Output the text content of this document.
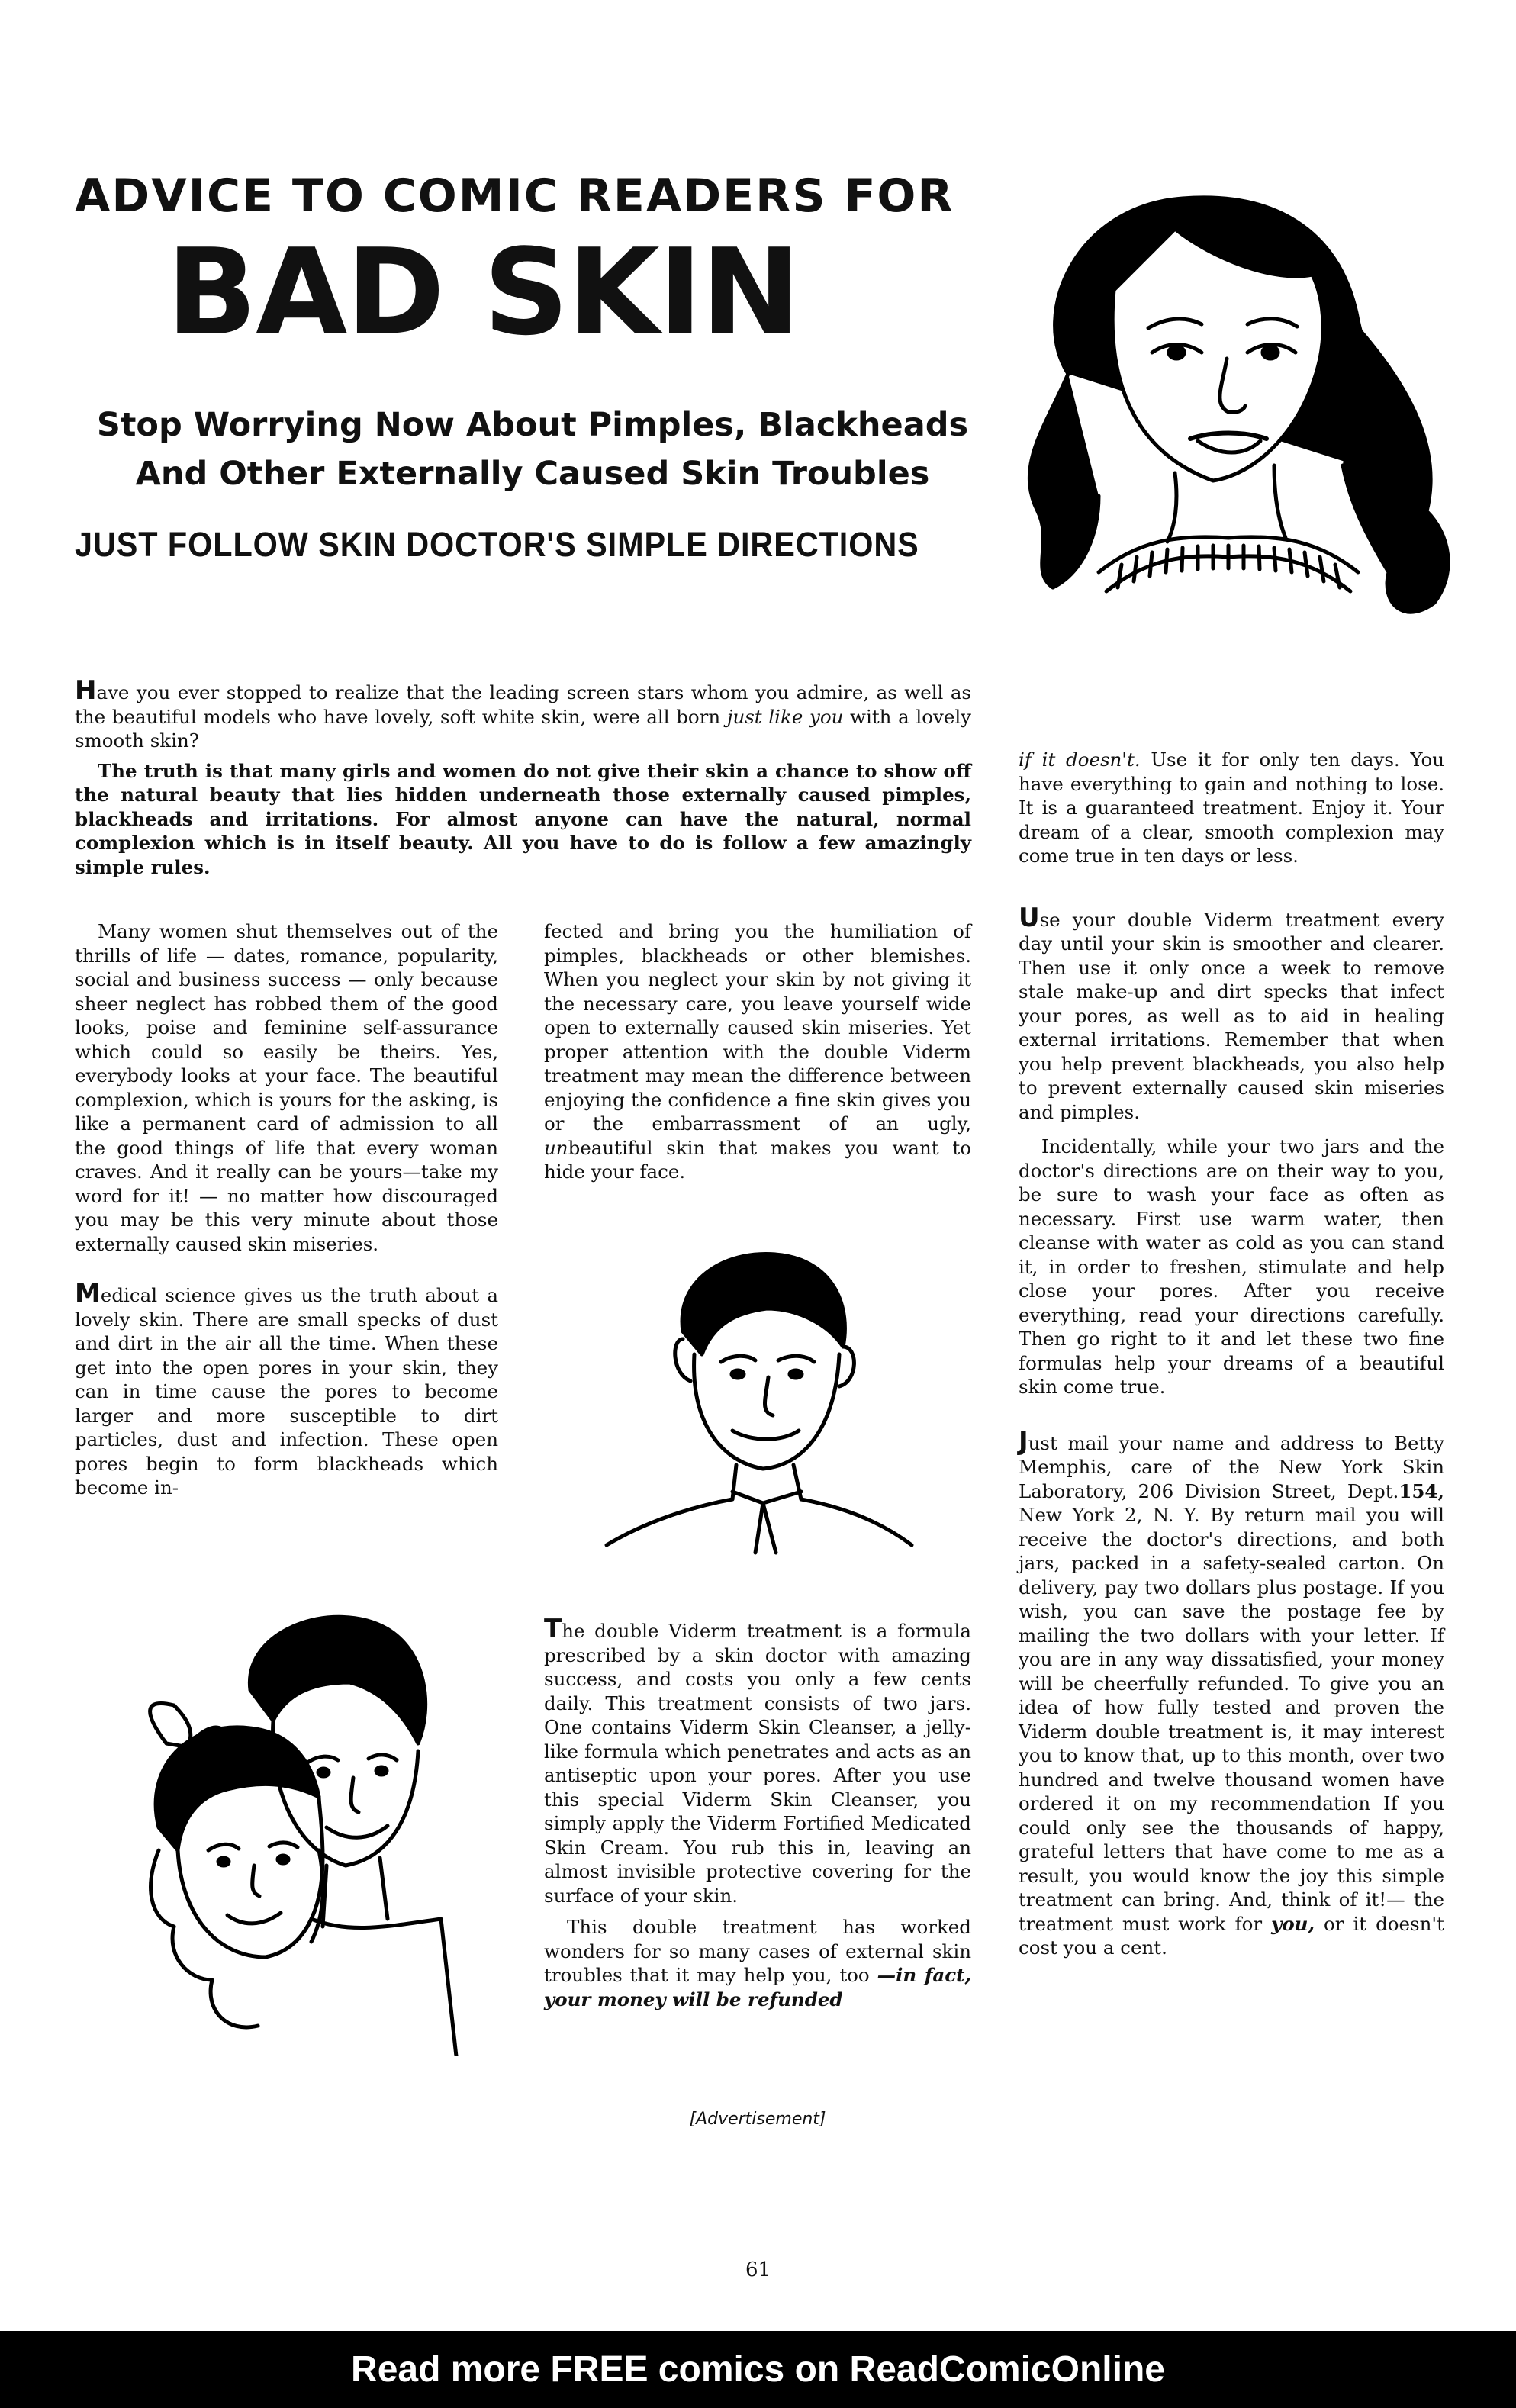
ADVICE TO COMIC READERS FOR
BAD SKIN
Stop Worrying Now About Pimples, Blackheads
And Other Externally Caused Skin Troubles
JUST FOLLOW SKIN DOCTOR'S SIMPLE DIRECTIONS

Have you ever stopped to realize that the leading screen stars whom you admire, as well as the beautiful models who have lovely, soft white skin, were all born just like you with a lovely smooth skin?

The truth is that many girls and women do not give their skin a chance to show off the natural beauty that lies hidden underneath those externally caused pimples, blackheads and irritations. For almost anyone can have the natural, normal complexion which is in itself beauty. All you have to do is follow a few amazingly simple rules.

Many women shut themselves out of the thrills of life — dates, romance, popularity, social and business success — only because sheer neglect has robbed them of the good looks, poise and feminine self-assurance which could so easily be theirs. Yes, everybody looks at your face. The beautiful complexion, which is yours for the asking, is like a permanent card of admission to all the good things of life that every woman craves. And it really can be yours—take my word for it! — no matter how discouraged you may be this very minute about those externally caused skin miseries.

Medical science gives us the truth about a lovely skin. There are small specks of dust and dirt in the air all the time. When these get into the open pores in your skin, they can in time cause the pores to become larger and more susceptible to dirt particles, dust and infection. These open pores begin to form blackheads which become in-

fected and bring you the humiliation of pimples, blackheads or other blemishes. When you neglect your skin by not giving it the necessary care, you leave yourself wide open to externally caused skin miseries. Yet proper attention with the double Viderm treatment may mean the difference between enjoying the confidence a fine skin gives you or the embarrassment of an ugly, unbeautiful skin that makes you want to hide your face.

The double Viderm treatment is a formula prescribed by a skin doctor with amazing success, and costs you only a few cents daily. This treatment consists of two jars. One contains Viderm Skin Cleanser, a jelly-like formula which penetrates and acts as an antiseptic upon your pores. After you use this special Viderm Skin Cleanser, you simply apply the Viderm Fortified Medicated Skin Cream. You rub this in, leaving an almost invisible protective covering for the surface of your skin.

This double treatment has worked wonders for so many cases of external skin troubles that it may help you, too —in fact, your money will be refunded

[Advertisement]

if it doesn't. Use it for only ten days. You have everything to gain and nothing to lose. It is a guaranteed treatment. Enjoy it. Your dream of a clear, smooth complexion may come true in ten days or less.

Use your double Viderm treatment every day until your skin is smoother and clearer. Then use it only once a week to remove stale make-up and dirt specks that infect your pores, as well as to aid in healing external irritations. Remember that when you help prevent blackheads, you also help to prevent externally caused skin miseries and pimples.

Incidentally, while your two jars and the doctor's directions are on their way to you, be sure to wash your face as often as necessary. First use warm water, then cleanse with water as cold as you can stand it, in order to freshen, stimulate and help close your pores. After you receive everything, read your directions carefully. Then go right to it and let these two fine formulas help your dreams of a beautiful skin come true.

Just mail your name and address to Betty Memphis, care of the New York Skin Laboratory, 206 Division Street, Dept.154, New York 2, N. Y. By return mail you will receive the doctor's directions, and both jars, packed in a safety-sealed carton. On delivery, pay two dollars plus postage. If you wish, you can save the postage fee by mailing the two dollars with your letter. If you are in any way dissatisfied, your money will be cheerfully refunded. To give you an idea of how fully tested and proven the Viderm double treatment is, it may interest you to know that, up to this month, over two hundred and twelve thousand women have ordered it on my recommendation If you could only see the thousands of happy, grateful letters that have come to me as a result, you would know the joy this simple treatment can bring. And, think of it!— the treatment must work for you, or it doesn't cost you a cent.

61
Read more FREE comics on ReadComicOnline
